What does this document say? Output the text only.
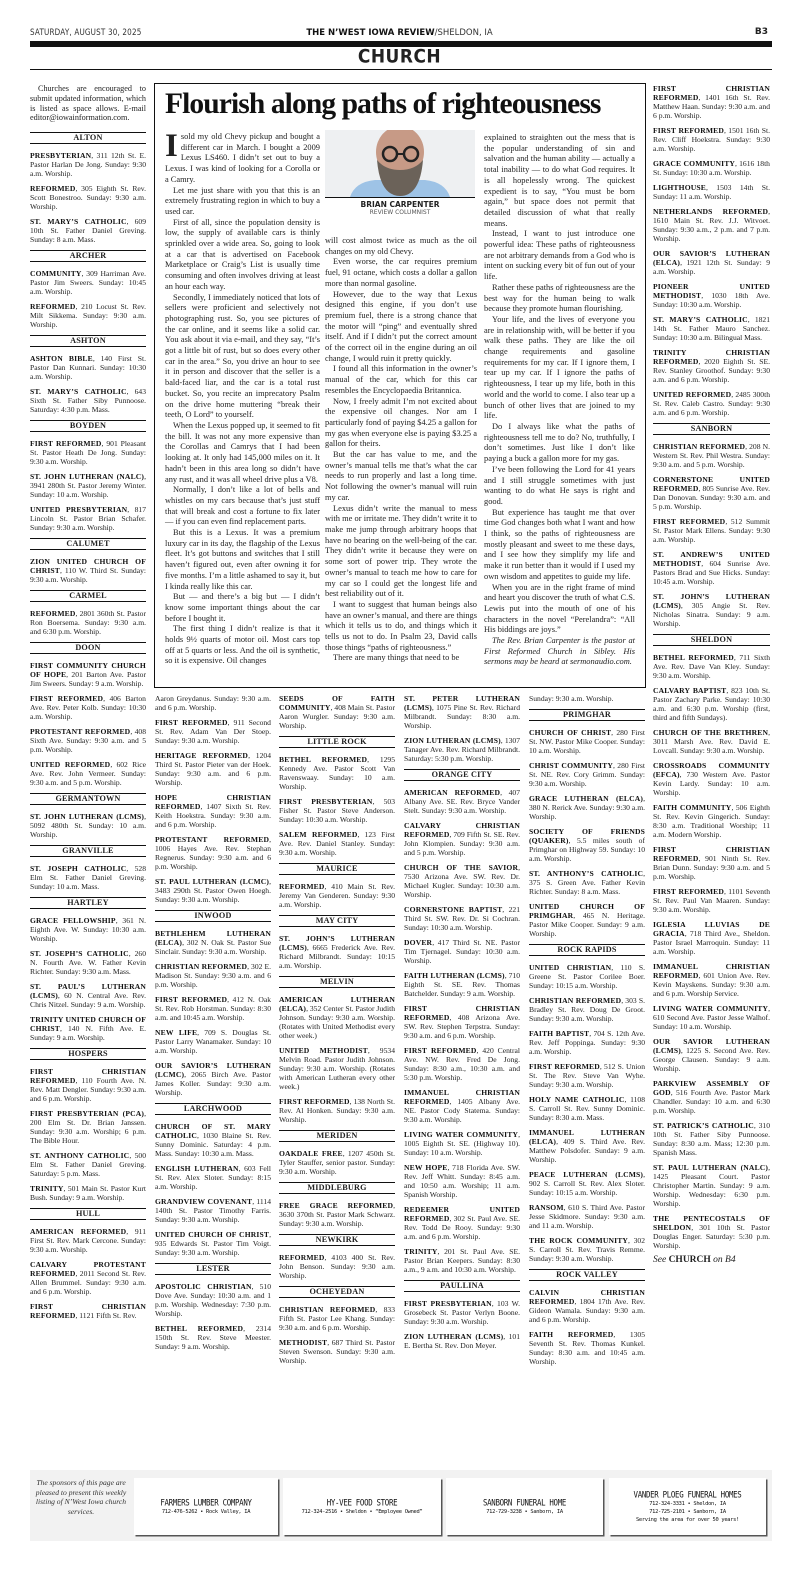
SATURDAY, AUGUST 30, 2025	THE N’WEST IOWA REVIEW/SHELDON, IA	B3
CHURCH
Churches are encouraged to submit updated information, which is listed as space allows. E-mail editor@iowainformation.com.
ALTON
PRESBYTERIAN, 311 12th St. E. Pastor Harlan De Jong. Sunday: 9:30 a.m. Worship.
REFORMED, 305 Eighth St. Rev. Scott Bonestroo. Sunday: 9:30 a.m. Worship.
ST. MARY’S CATHOLIC, 609 10th St. Father Daniel Greving. Sunday: 8 a.m. Mass.
ARCHER
COMMUNITY, 309 Harriman Ave. Pastor Jim Sweers. Sunday: 10:45 a.m. Worship.
REFORMED, 210 Locust St. Rev. Milt Sikkema. Sunday: 9:30 a.m. Worship.
ASHTON
ASHTON BIBLE, 140 First St. Pastor Dan Kunnari. Sunday: 10:30 a.m. Worship.
ST. MARY’S CATHOLIC, 643 Sixth St. Father Siby Punnoose. Saturday: 4:30 p.m. Mass.
BOYDEN
FIRST REFORMED, 901 Pleasant St. Pastor Heath De Jong. Sunday: 9:30 a.m. Worship.
ST. JOHN LUTHERAN (NALC), 3941 280th St. Pastor Jeremy Winter. Sunday: 10 a.m. Worship.
UNITED PRESBYTERIAN, 817 Lincoln St. Pastor Brian Schafer. Sunday: 9:30 a.m. Worship.
CALUMET
ZION UNITED CHURCH OF CHRIST, 110 W. Third St. Sunday: 9:30 a.m. Worship.
CARMEL
REFORMED, 2801 360th St. Pastor Ron Boersema. Sunday: 9:30 a.m. and 6:30 p.m. Worship.
DOON
FIRST COMMUNITY CHURCH OF HOPE, 201 Barton Ave. Pastor Jim Sweers. Sunday: 9 a.m. Worship.
FIRST REFORMED, 406 Barton Ave. Rev. Peter Kolb. Sunday: 10:30 a.m. Worship.
PROTESTANT REFORMED, 408 Sixth Ave. Sunday: 9:30 a.m. and 5 p.m. Worship.
UNITED REFORMED, 602 Rice Ave. Rev. John Vermeer. Sunday: 9:30 a.m. and 5 p.m. Worship.
GERMANTOWN
ST. JOHN LUTHERAN (LCMS), 5092 480th St. Sunday: 10 a.m. Worship.
GRANVILLE
ST. JOSEPH CATHOLIC, 528 Elm St. Father Daniel Greving. Sunday: 10 a.m. Mass.
HARTLEY
GRACE FELLOWSHIP, 361 N. Eighth Ave. W. Sunday: 10:30 a.m. Worship.
ST. JOSEPH’S CATHOLIC, 260 N. Fourth Ave. W. Father Kevin Richter. Sunday: 9:30 a.m. Mass.
ST. PAUL’S LUTHERAN (LCMS), 60 N. Central Ave. Rev. Chris Nitzel. Sunday: 9 a.m. Worship.
TRINITY UNITED CHURCH OF CHRIST, 140 N. Fifth Ave. E. Sunday: 9 a.m. Worship.
HOSPERS
FIRST CHRISTIAN REFORMED, 110 Fourth Ave. N. Rev. Matt Dengler. Sunday: 9:30 a.m. and 6 p.m. Worship.
FIRST PRESBYTERIAN (PCA), 200 Elm St. Dr. Brian Janssen. Sunday: 9:30 a.m. Worship; 6 p.m. The Bible Hour.
ST. ANTHONY CATHOLIC, 500 Elm St. Father Daniel Greving. Saturday: 5 p.m. Mass.
TRINITY, 501 Main St. Pastor Kurt Bush. Sunday: 9 a.m. Worship.
HULL
AMERICAN REFORMED, 911 First St. Rev. Mark Cercone. Sunday: 9:30 a.m. Worship.
CALVARY PROTESTANT REFORMED, 2011 Second St. Rev. Allen Brummel. Sunday: 9:30 a.m. and 6 p.m. Worship.
FIRST CHRISTIAN REFORMED, 1121 Fifth St. Rev.
Flourish along paths of righteousness

I sold my old Chevy pickup and bought a different car in March. I bought a 2009 Lexus LS460. I didn’t set out to buy a Lexus. I was kind of looking for a Corolla or a Camry.

Let me just share with you that this is an extremely frustrating region in which to buy a used car.

First of all, since the population density is low, the supply of available cars is thinly sprinkled over a wide area. So, going to look at a car that is advertised on Facebook Marketplace or Craig’s List is usually time consuming and often involves driving at least an hour each way.

Secondly, I immediately noticed that lots of sellers were proficient and selectively not photographing rust. So, you see pictures of the car online, and it seems like a solid car. You ask about it via e-mail, and they say, “It’s got a little bit of rust, but so does every other car in the area.” So, you drive an hour to see it in person and discover that the seller is a bald-faced liar, and the car is a total rust bucket. So, you recite an imprecatory Psalm on the drive home muttering “break their teeth, O Lord” to yourself.

When the Lexus popped up, it seemed to fit the bill. It was not any more expensive than the Corollas and Camrys that I had been looking at. It only had 145,000 miles on it. It hadn’t been in this area long so didn’t have any rust, and it was all wheel drive plus a V8.

Normally, I don’t like a lot of bells and whistles on my cars because that’s just stuff that will break and cost a fortune to fix later — if you can even find replacement parts.

But this is a Lexus. It was a premium luxury car in its day, the flagship of the Lexus fleet. It’s got buttons and switches that I still haven’t figured out, even after owning it for five months. I’m a little ashamed to say it, but I kinda really like this car.

But — and there’s a big but — I didn’t know some important things about the car before I bought it.

The first thing I didn’t realize is that it holds 9½ quarts of motor oil. Most cars top off at 5 quarts or less. And the oil is synthetic, so it is expensive. Oil changes

BRIAN CARPENTER
REVIEW COLUMNIST

will cost almost twice as much as the oil changes on my old Chevy.

Even worse, the car requires premium fuel, 91 octane, which costs a dollar a gallon more than normal gasoline.

However, due to the way that Lexus designed this engine, if you don’t use premium fuel, there is a strong chance that the motor will “ping” and eventually shred itself. And if I didn’t put the correct amount of the correct oil in the engine during an oil change, I would ruin it pretty quickly.

I found all this information in the owner’s manual of the car, which for this car resembles the Encyclopaedia Britannica.

Now, I freely admit I’m not excited about the expensive oil changes. Nor am I particularly fond of paying $4.25 a gallon for my gas when everyone else is paying $3.25 a gallon for theirs.

But the car has value to me, and the owner’s manual tells me that’s what the car needs to run properly and last a long time. Not following the owner’s manual will ruin my car.

Lexus didn’t write the manual to mess with me or irritate me. They didn’t write it to make me jump through arbitrary hoops that have no bearing on the well-being of the car. They didn’t write it because they were on some sort of power trip. They wrote the owner’s manual to teach me how to care for my car so I could get the longest life and best reliability out of it.

I want to suggest that human beings also have an owner’s manual, and there are things which it tells us to do, and things which it tells us not to do. In Psalm 23, David calls those things “paths of righteousness.”

There are many things that need to be

explained to straighten out the mess that is the popular understanding of sin and salvation and the human ability — actually a total inability — to do what God requires. It is all hopelessly wrong. The quickest expedient is to say, “You must be born again,” but space does not permit that detailed discussion of what that really means.

Instead, I want to just introduce one powerful idea: These paths of righteousness are not arbitrary demands from a God who is intent on sucking every bit of fun out of your life.

Rather these paths of righteousness are the best way for the human being to walk because they promote human flourishing.

Your life, and the lives of everyone you are in relationship with, will be better if you walk these paths. They are like the oil change requirements and gasoline requirements for my car. If I ignore them, I tear up my car. If I ignore the paths of righteousness, I tear up my life, both in this world and the world to come. I also tear up a bunch of other lives that are joined to my life.

Do I always like what the paths of righteousness tell me to do? No, truthfully, I don’t sometimes. Just like I don’t like paying a buck a gallon more for my gas.

I’ve been following the Lord for 41 years and I still struggle sometimes with just wanting to do what He says is right and good.

But experience has taught me that over time God changes both what I want and how I think, so the paths of righteousness are mostly pleasant and sweet to me these days, and I see how they simplify my life and make it run better than it would if I used my own wisdom and appetites to guide my life.

When you are in the right frame of mind and heart you discover the truth of what C.S. Lewis put into the mouth of one of his characters in the novel “Perelandra”: “All His biddings are joys.”

The Rev. Brian Carpenter is the pastor at First Reformed Church in Sibley. His sermons may be heard at sermonaudio.com.

Aaron Greydanus. Sunday: 9:30 a.m. and 6 p.m. Worship.
FIRST REFORMED, 911 Second St. Rev. Adam Van Der Stoep. Sunday: 9:30 a.m. Worship.
HERITAGE REFORMED, 1204 Third St. Pastor Pieter van der Hoek. Sunday: 9:30 a.m. and 6 p.m. Worship.
HOPE CHRISTIAN REFORMED, 1407 Sixth St. Rev. Keith Hoekstra. Sunday: 9:30 a.m. and 6 p.m. Worship.
PROTESTANT REFORMED, 1006 Hayes Ave. Rev. Stephan Regnerus. Sunday: 9:30 a.m. and 6 p.m. Worship.
ST. PAUL LUTHERAN (LCMC), 3483 290th St. Pastor Owen Hoegh. Sunday: 9:30 a.m. Worship.
INWOOD
BETHLEHEM LUTHERAN (ELCA), 302 N. Oak St. Pastor Sue Sinclair. Sunday: 9:30 a.m. Worship.
CHRISTIAN REFORMED, 302 E. Madison St. Sunday: 9:30 a.m. and 6 p.m. Worship.
FIRST REFORMED, 412 N. Oak St. Rev. Rob Horstman. Sunday: 8:30 a.m. and 10:45 a.m. Worship.
NEW LIFE, 709 S. Douglas St. Pastor Larry Wanamaker. Sunday: 10 a.m. Worship.
OUR SAVIOR’S LUTHERAN (LCMC), 2065 Birch Ave. Pastor James Koller. Sunday: 9:30 a.m. Worship.
LARCHWOOD
CHURCH OF ST. MARY CATHOLIC, 1030 Blaine St. Rev. Sunny Dominic. Saturday: 4 p.m. Mass. Sunday: 10:30 a.m. Mass.
ENGLISH LUTHERAN, 603 Fell St. Rev. Alex Sloter. Sunday: 8:15 a.m. Worship.
GRANDVIEW COVENANT, 1114 140th St. Pastor Timothy Farris. Sunday: 9:30 a.m. Worship.
UNITED CHURCH OF CHRIST, 935 Edwards St. Pastor Tim Voigt. Sunday: 9:30 a.m. Worship.
LESTER
APOSTOLIC CHRISTIAN, 510 Dove Ave. Sunday: 10:30 a.m. and 1 p.m. Worship. Wednesday: 7:30 p.m. Worship.
BETHEL REFORMED, 2314 150th St. Rev. Steve Meester. Sunday: 9 a.m. Worship.
SEEDS OF FAITH COMMUNITY, 408 Main St. Pastor Aaron Wurgler. Sunday: 9:30 a.m. Worship.
LITTLE ROCK
BETHEL REFORMED, 1295 Kennedy Ave. Pastor Scott Van Ravenswaay. Sunday: 10 a.m. Worship.
FIRST PRESBYTERIAN, 503 Fisher St. Pastor Steve Anderson. Sunday: 10:30 a.m. Worship.
SALEM REFORMED, 123 First Ave. Rev. Daniel Stanley. Sunday: 9:30 a.m. Worship.
MAURICE
REFORMED, 410 Main St. Rev. Jeremy Van Genderen. Sunday: 9:30 a.m. Worship.
MAY CITY
ST. JOHN’S LUTHERAN (LCMS), 6665 Frederick Ave. Rev. Richard Milbrandt. Sunday: 10:15 a.m. Worship.
MELVIN
AMERICAN LUTHERAN (ELCA), 352 Center St. Pastor Judith Johnson. Sunday: 9:30 a.m. Worship. (Rotates with United Methodist every other week.)
UNITED METHODIST, 9534 Melvin Road. Pastor Judith Johnson. Sunday: 9:30 a.m. Worship. (Rotates with American Lutheran every other week.)
FIRST REFORMED, 138 North St. Rev. Al Honken. Sunday: 9:30 a.m. Worship.
MERIDEN
OAKDALE FREE, 1207 450th St. Tyler Stauffer, senior pastor. Sunday: 9:30 a.m. Worship.
MIDDLEBURG
FREE GRACE REFORMED, 3630 370th St. Pastor Mark Schwarz. Sunday: 9:30 a.m. Worship.
NEWKIRK
REFORMED, 4103 400 St. Rev. John Benson. Sunday: 9:30 a.m. Worship.
OCHEYEDAN
CHRISTIAN REFORMED, 833 Fifth St. Pastor Lee Khang. Sunday: 9:30 a.m. and 6 p.m. Worship.
METHODIST, 687 Third St. Pastor Steven Swenson. Sunday: 9:30 a.m. Worship.
ST. PETER LUTHERAN (LCMS), 1075 Pine St. Rev. Richard Milbrandt. Sunday: 8:30 a.m. Worship.
ZION LUTHERAN (LCMS), 1307 Tanager Ave. Rev. Richard Milbrandt. Saturday: 5:30 p.m. Worship.
ORANGE CITY
AMERICAN REFORMED, 407 Albany Ave. SE. Rev. Bryce Vander Stelt. Sunday: 9:30 a.m. Worship.
CALVARY CHRISTIAN REFORMED, 709 Fifth St. SE. Rev. John Klompien. Sunday: 9:30 a.m. and 5 p.m. Worship.
CHURCH OF THE SAVIOR, 7530 Arizona Ave. SW. Rev. Dr. Michael Kugler. Sunday: 10:30 a.m. Worship.
CORNERSTONE BAPTIST, 221 Third St. SW. Rev. Dr. Si Cochran. Sunday: 10:30 a.m. Worship.
DOVER, 417 Third St. NE. Pastor Tim Tjernagel. Sunday: 10:30 a.m. Worship.
FAITH LUTHERAN (LCMS), 710 Eighth St. SE. Rev. Thomas Batchelder. Sunday: 9 a.m. Worship.
FIRST CHRISTIAN REFORMED, 408 Arizona Ave. SW. Rev. Stephen Terpstra. Sunday: 9:30 a.m. and 6 p.m. Worship.
FIRST REFORMED, 420 Central Ave. NW. Rev. Fred De Jong. Sunday: 8:30 a.m., 10:30 a.m. and 5:30 p.m. Worship.
IMMANUEL CHRISTIAN REFORMED, 1405 Albany Ave. NE. Pastor Cody Statema. Sunday: 9:30 a.m. Worship.
LIVING WATER COMMUNITY, 1005 Eighth St. SE. (Highway 10). Sunday: 10 a.m. Worship.
NEW HOPE, 718 Florida Ave. SW. Rev. Jeff Whitt. Sunday: 8:45 a.m. and 10:50 a.m. Worship; 11 a.m. Spanish Worship.
REDEEMER UNITED REFORMED, 302 St. Paul Ave. SE. Rev. Todd De Rooy. Sunday: 9:30 a.m. and 6 p.m. Worship.
TRINITY, 201 St. Paul Ave. SE. Pastor Brian Keepers. Sunday: 8:30 a.m., 9 a.m. and 10:30 a.m. Worship.
PAULLINA
FIRST PRESBYTERIAN, 103 W. Grosebeck St. Pastor Verlyn Boone. Sunday: 9:30 a.m. Worship.
ZION LUTHERAN (LCMS), 101 E. Bertha St. Rev. Don Meyer.
Sunday: 9:30 a.m. Worship.
PRIMGHAR
CHURCH OF CHRIST, 280 First St. NW. Pastor Mike Cooper. Sunday: 10 a.m. Worship.
CHRIST COMMUNITY, 280 First St. NE. Rev. Cory Grimm. Sunday: 9:30 a.m. Worship.
GRACE LUTHERAN (ELCA), 380 N. Rerick Ave. Sunday: 9:30 a.m. Worship.
SOCIETY OF FRIENDS (QUAKER), 5.5 miles south of Primghar on Highway 59. Sunday: 10 a.m. Worship.
ST. ANTHONY’S CATHOLIC, 375 S. Green Ave. Father Kevin Richter. Sunday: 8 a.m. Mass.
UNITED CHURCH OF PRIMGHAR, 465 N. Heritage. Pastor Mike Cooper. Sunday: 9 a.m. Worship.
ROCK RAPIDS
UNITED CHRISTIAN, 110 S. Greene St. Pastor Corilee Boer. Sunday: 10:15 a.m. Worship.
CHRISTIAN REFORMED, 303 S. Bradley St. Rev. Doug De Groot. Sunday: 9:30 a.m. Worship.
FAITH BAPTIST, 704 S. 12th Ave. Rev. Jeff Poppinga. Sunday: 9:30 a.m. Worship.
FIRST REFORMED, 512 S. Union St. The Rev. Steve Van Wyhe. Sunday: 9:30 a.m. Worship.
HOLY NAME CATHOLIC, 1108 S. Carroll St. Rev. Sunny Dominic. Sunday: 8:30 a.m. Mass.
IMMANUEL LUTHERAN (ELCA), 409 S. Third Ave. Rev. Matthew Polsdofer. Sunday: 9 a.m. Worship.
PEACE LUTHERAN (LCMS), 902 S. Carroll St. Rev. Alex Sloter. Sunday: 10:15 a.m. Worship.
RANSOM, 610 S. Third Ave. Pastor Jesse Skidmore. Sunday: 9:30 a.m. and 11 a.m. Worship.
THE ROCK COMMUNITY, 302 S. Carroll St. Rev. Travis Remme. Sunday: 9:30 a.m. Worship.
ROCK VALLEY
CALVIN CHRISTIAN REFORMED, 1804 17th Ave. Rev. Gideon Wamala. Sunday: 9:30 a.m. and 6 p.m. Worship.
FAITH REFORMED, 1305 Seventh St. Rev. Thomas Kunkel. Sunday: 8:30 a.m. and 10:45 a.m. Worship.
FIRST CHRISTIAN REFORMED, 1401 16th St. Rev. Matthew Haan. Sunday: 9:30 a.m. and 6 p.m. Worship.
FIRST REFORMED, 1501 16th St. Rev. Cliff Hoekstra. Sunday: 9:30 a.m. Worship.
GRACE COMMUNITY, 1616 18th St. Sunday: 10:30 a.m. Worship.
LIGHTHOUSE, 1503 14th St. Sunday: 11 a.m. Worship.
NETHERLANDS REFORMED, 1610 Main St. Rev. J.J. Witvoet. Sunday: 9:30 a.m., 2 p.m. and 7 p.m. Worship.
OUR SAVIOR’S LUTHERAN (ELCA), 1921 12th St. Sunday: 9 a.m. Worship.
PIONEER UNITED METHODIST, 1030 18th Ave. Sunday: 10:30 a.m. Worship.
ST. MARY’S CATHOLIC, 1821 14th St. Father Mauro Sanchez. Sunday: 10:30 a.m. Bilingual Mass.
TRINITY CHRISTIAN REFORMED, 2020 Eighth St. SE. Rev. Stanley Groothof. Sunday: 9:30 a.m. and 6 p.m. Worship.
UNITED REFORMED, 2485 300th St. Rev. Caleb Castro. Sunday: 9:30 a.m. and 6 p.m. Worship.
SANBORN
CHRISTIAN REFORMED, 208 N. Western St. Rev. Phil Westra. Sunday: 9:30 a.m. and 5 p.m. Worship.
CORNERSTONE UNITED REFORMED, 805 Sunrise Ave. Rev. Dan Donovan. Sunday: 9:30 a.m. and 5 p.m. Worship.
FIRST REFORMED, 512 Summit St. Pastor Mark Ellens. Sunday: 9:30 a.m. Worship.
ST. ANDREW’S UNITED METHODIST, 604 Sunrise Ave. Pastors Brad and Sue Hicks. Sunday: 10:45 a.m. Worship.
ST. JOHN’S LUTHERAN (LCMS), 305 Angie St. Rev. Nicholas Sinatra. Sunday: 9 a.m. Worship.
SHELDON
BETHEL REFORMED, 711 Sixth Ave. Rev. Dave Van Kley. Sunday: 9:30 a.m. Worship.
CALVARY BAPTIST, 823 10th St. Pastor Zachary Parke. Sunday: 10:30 a.m. and 6:30 p.m. Worship (first, third and fifth Sundays).
CHURCH OF THE BRETHREN, 3011 Marsh Ave. Rev. David E. Lovcall. Sunday: 9:30 a.m. Worship.
CROSSROADS COMMUNITY (EFCA), 730 Western Ave. Pastor Kevin Lardy. Sunday: 10 a.m. Worship.
FAITH COMMUNITY, 506 Eighth St. Rev. Kevin Gingerich. Sunday: 8:30 a.m. Traditional Worship; 11 a.m. Modern Worship.
FIRST CHRISTIAN REFORMED, 901 Ninth St. Rev. Brian Dunn. Sunday: 9:30 a.m. and 5 p.m. Worship.
FIRST REFORMED, 1101 Seventh St. Rev. Paul Van Maaren. Sunday: 9:30 a.m. Worship.
IGLESIA LLUVIAS DE GRACIA, 718 Third Ave., Sheldon. Pastor Israel Marroquin. Sunday: 11 a.m. Worship.
IMMANUEL CHRISTIAN REFORMED, 601 Union Ave. Rev. Kevin Mayskens. Sunday: 9:30 a.m. and 6 p.m. Worship Service.
LIVING WATER COMMUNITY, 610 Second Ave. Pastor Jesse Walhof. Sunday: 10 a.m. Worship.
OUR SAVIOR LUTHERAN (LCMS), 1225 S. Second Ave. Rev. George Clausen. Sunday: 9 a.m. Worship.
PARKVIEW ASSEMBLY OF GOD, 516 Fourth Ave. Pastor Mark Chandler. Sunday: 10 a.m. and 6:30 p.m. Worship.
ST. PATRICK’S CATHOLIC, 310 10th St. Father Siby Punnoose. Sunday: 8:30 a.m. Mass; 12:30 p.m. Spanish Mass.
ST. PAUL LUTHERAN (NALC), 1425 Pleasant Court. Pastor Christopher Martin. Sunday: 9 a.m. Worship. Wednesday: 6:30 p.m. Worship.
THE PENTECOSTALS OF SHELDON, 301 10th St. Pastor Douglas Enger. Saturday: 5:30 p.m. Worship.
See CHURCH on B4
The sponsors of this page are pleased to present this weekly listing of N’West Iowa church services.
FARMERS LUMBER COMPANY
712-476-5262 • Rock Valley, IA
HY-VEE FOOD STORE
712-324-2516 • Sheldon • “Employee Owned”
SANBORN FUNERAL HOME
712-729-3238 • Sanborn, IA
VANDER PLOEG FUNERAL HOMES
712-324-3331 • Sheldon, IA
712-725-2101 • Sanborn, IA
Serving the area for over 50 years!
